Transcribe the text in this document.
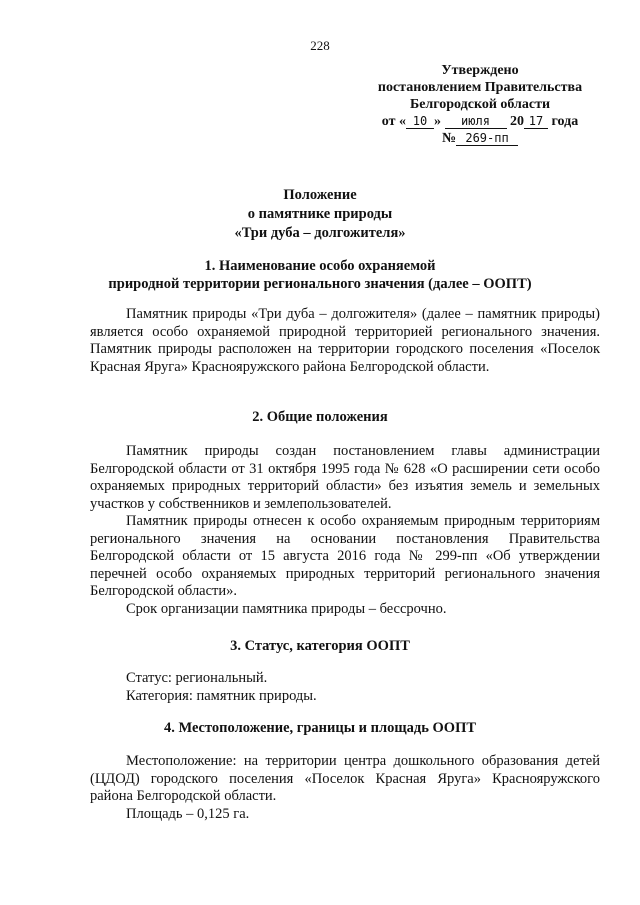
228
Утверждено
постановлением Правительства
Белгородской области
от « 10 » июля 20 17 года
№ 269-пп
Положение
о памятнике природы
«Три дуба – долгожителя»
1. Наименование особо охраняемой
природной территории регионального значения (далее – ООПТ)

Памятник природы «Три дуба – долгожителя» (далее – памятник природы) является особо охраняемой природной территорией регионального значения. Памятник природы расположен на территории городского поселения «Поселок Красная Яруга» Краснояружского района Белгородской области.

2. Общие положения

Памятник природы создан постановлением главы администрации Белгородской области от 31 октября 1995 года № 628 «О расширении сети особо охраняемых природных территорий области» без изъятия земель и земельных участков у собственников и землепользователей.

Памятник природы отнесен к особо охраняемым природным территориям регионального значения на основании постановления Правительства Белгородской области от 15 августа 2016 года № 299-пп «Об утверждении перечней особо охраняемых природных территорий регионального значения Белгородской области».

Срок организации памятника природы – бессрочно.

3. Статус, категория ООПТ

Статус: региональный.

Категория: памятник природы.

4. Местоположение, границы и площадь ООПТ

Местоположение: на территории центра дошкольного образования детей (ЦДОД) городского поселения «Поселок Красная Яруга» Краснояружского района Белгородской области.

Площадь – 0,125 га.
